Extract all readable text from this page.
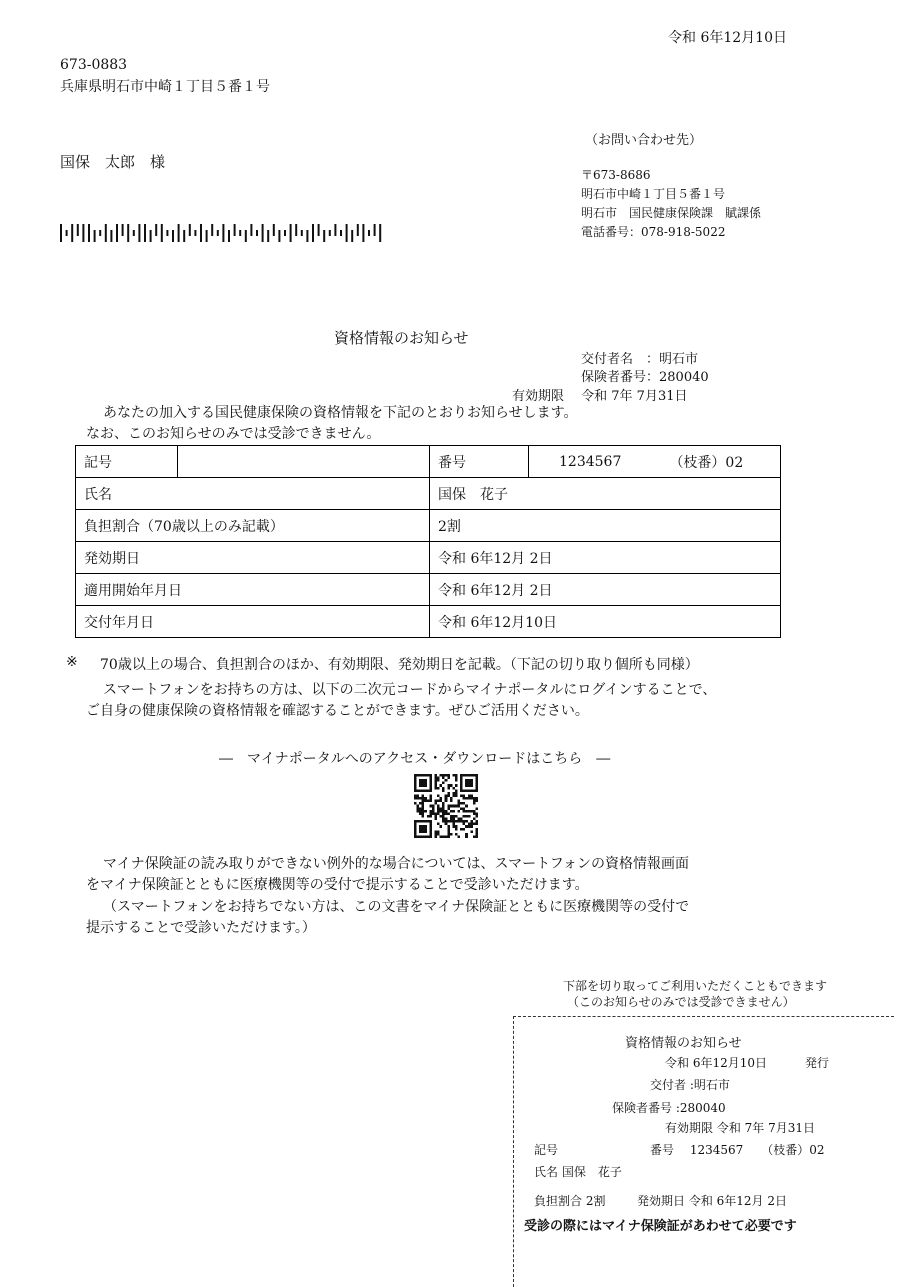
令和 6年12月10日
673-0883
兵庫県明石市中崎１丁目５番１号
国保　太郎　様
（お問い合わせ先）
〒673-8686
明石市中崎１丁目５番１号
明石市　国民健康保険課　賦課係
電話番号：078-918-5022
資格情報のお知らせ
交付者名　：明石市
保険者番号：280040
有効期限　 令和 7年 7月31日
あなたの加入する国民健康保険の資格情報を下記のとおりお知らせします。
なお、このお知らせのみでは受診できません。
記号		番号	1234567	（枝番）02
氏名		国保　花子		
負担割合（70歳以上のみ記載）		2割		
発効期日		令和 6年12月 2日		
適用開始年月日		令和 6年12月 2日		
交付年月日		令和 6年12月10日		
※ 70歳以上の場合、負担割合のほか、有効期限、発効期日を記載。（下記の切り取り個所も同様）
スマートフォンをお持ちの方は、以下の二次元コードからマイナポータルにログインすることで、
ご自身の健康保険の資格情報を確認することができます。ぜひご活用ください。
―　マイナポータルへのアクセス・ダウンロードはこちら　―
マイナ保険証の読み取りができない例外的な場合については、スマートフォンの資格情報画面
をマイナ保険証とともに医療機関等の受付で提示することで受診いただけます。
（スマートフォンをお持ちでない方は、この文書をマイナ保険証とともに医療機関等の受付で
提示することで受診いただけます。）
下部を切り取ってご利用いただくこともできます
（このお知らせのみでは受診できません）
資格情報のお知らせ
令和 6年12月10日	発行
交付者 :明石市
保険者番号 :280040
有効期限 令和 7年 7月31日
記号	番号　 1234567　　（枝番）02
氏名 国保　花子
負担割合 2割	発効期日 令和 6年12月 2日
受診の際にはマイナ保険証があわせて必要です
